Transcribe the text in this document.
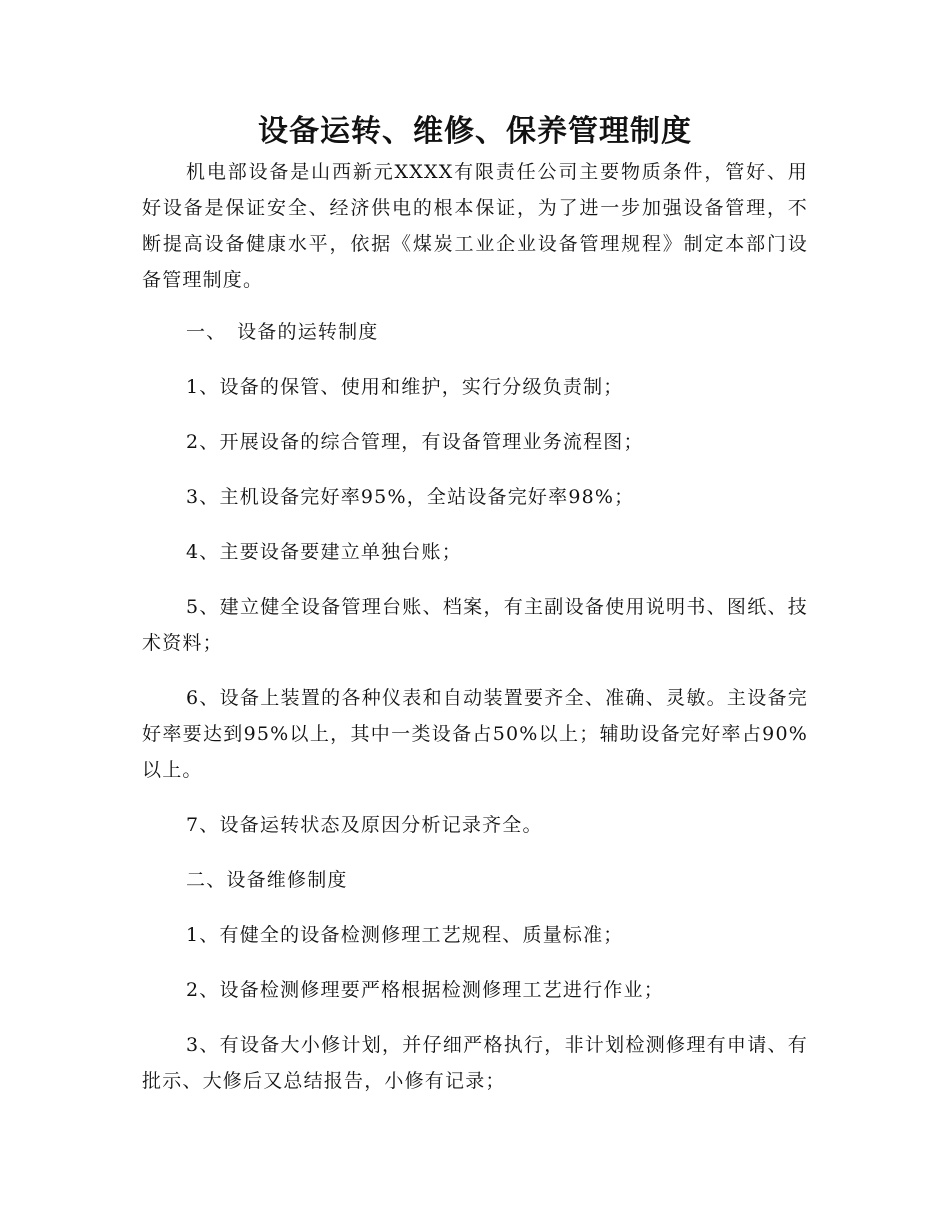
设备运转、维修、保养管理制度

机电部设备是山西新元XXXX有限责任公司主要物质条件，管好、用好设备是保证安全、经济供电的根本保证，为了进一步加强设备管理，不断提高设备健康水平，依据《煤炭工业企业设备管理规程》制定本部门设备管理制度。

一、　设备的运转制度

1、设备的保管、使用和维护，实行分级负责制；

2、开展设备的综合管理，有设备管理业务流程图；

3、主机设备完好率95%，全站设备完好率98%；

4、主要设备要建立单独台账；

5、建立健全设备管理台账、档案，有主副设备使用说明书、图纸、技术资料；

6、设备上装置的各种仪表和自动装置要齐全、准确、灵敏。主设备完好率要达到95%以上，其中一类设备占50%以上；辅助设备完好率占90%以上。

7、设备运转状态及原因分析记录齐全。

二、设备维修制度

1、有健全的设备检测修理工艺规程、质量标准；

2、设备检测修理要严格根据检测修理工艺进行作业；

3、有设备大小修计划，并仔细严格执行，非计划检测修理有申请、有批示、大修后又总结报告，小修有记录；
